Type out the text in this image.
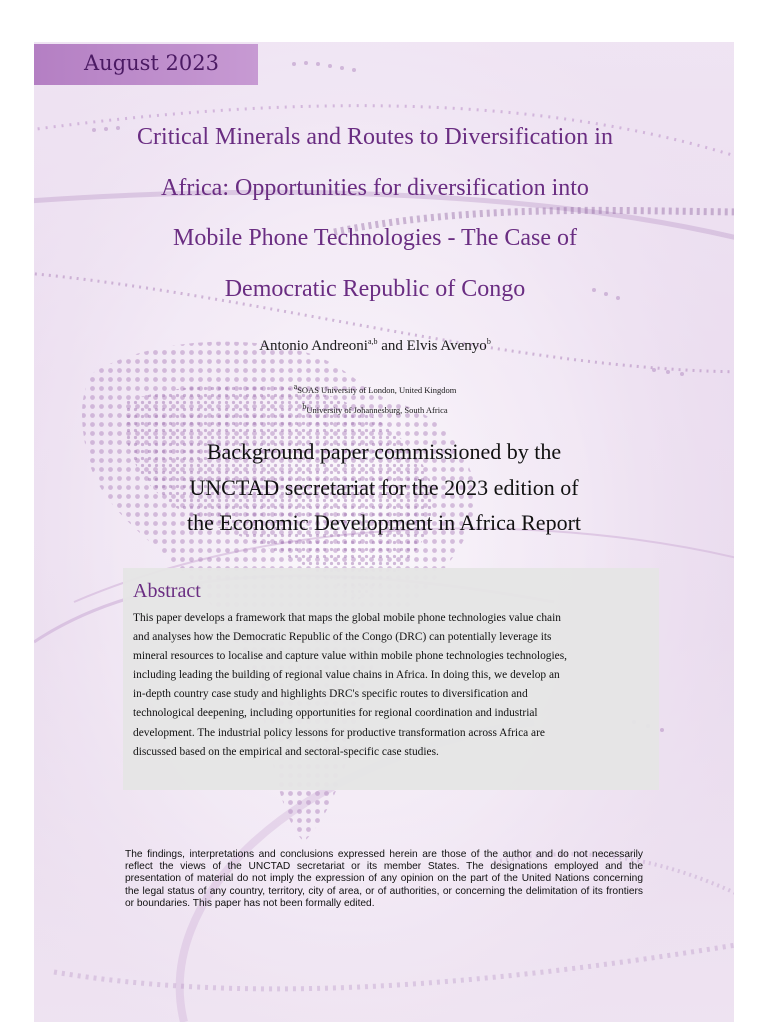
August 2023
Critical Minerals and Routes to Diversification in
Africa: Opportunities for diversification into
Mobile Phone Technologies - The Case of
Democratic Republic of Congo
Antonio Andreoni$^{a,b}$ and Elvis Avenyo$^b$
$^a$SOAS University of London, United Kingdom
$^b$University of Johannesburg, South Africa
Background paper commissioned by the
UNCTAD secretariat for the 2023 edition of
the Economic Development in Africa Report
Abstract
This paper develops a framework that maps the global mobile phone technologies value chain
and analyses how the Democratic Republic of the Congo (DRC) can potentially leverage its
mineral resources to localise and capture value within mobile phone technologies technologies,
including leading the building of regional value chains in Africa. In doing this, we develop an
in-depth country case study and highlights DRC's specific routes to diversification and
technological deepening, including opportunities for regional coordination and industrial
development. The industrial policy lessons for productive transformation across Africa are
discussed based on the empirical and sectoral-specific case studies.
The findings, interpretations and conclusions expressed herein are those of the author and do not necessarily reflect the views of the UNCTAD secretariat or its member States. The designations employed and the presentation of material do not imply the expression of any opinion on the part of the United Nations concerning the legal status of any country, territory, city of area, or of authorities, or concerning the delimitation of its frontiers or boundaries. This paper has not been formally edited.
